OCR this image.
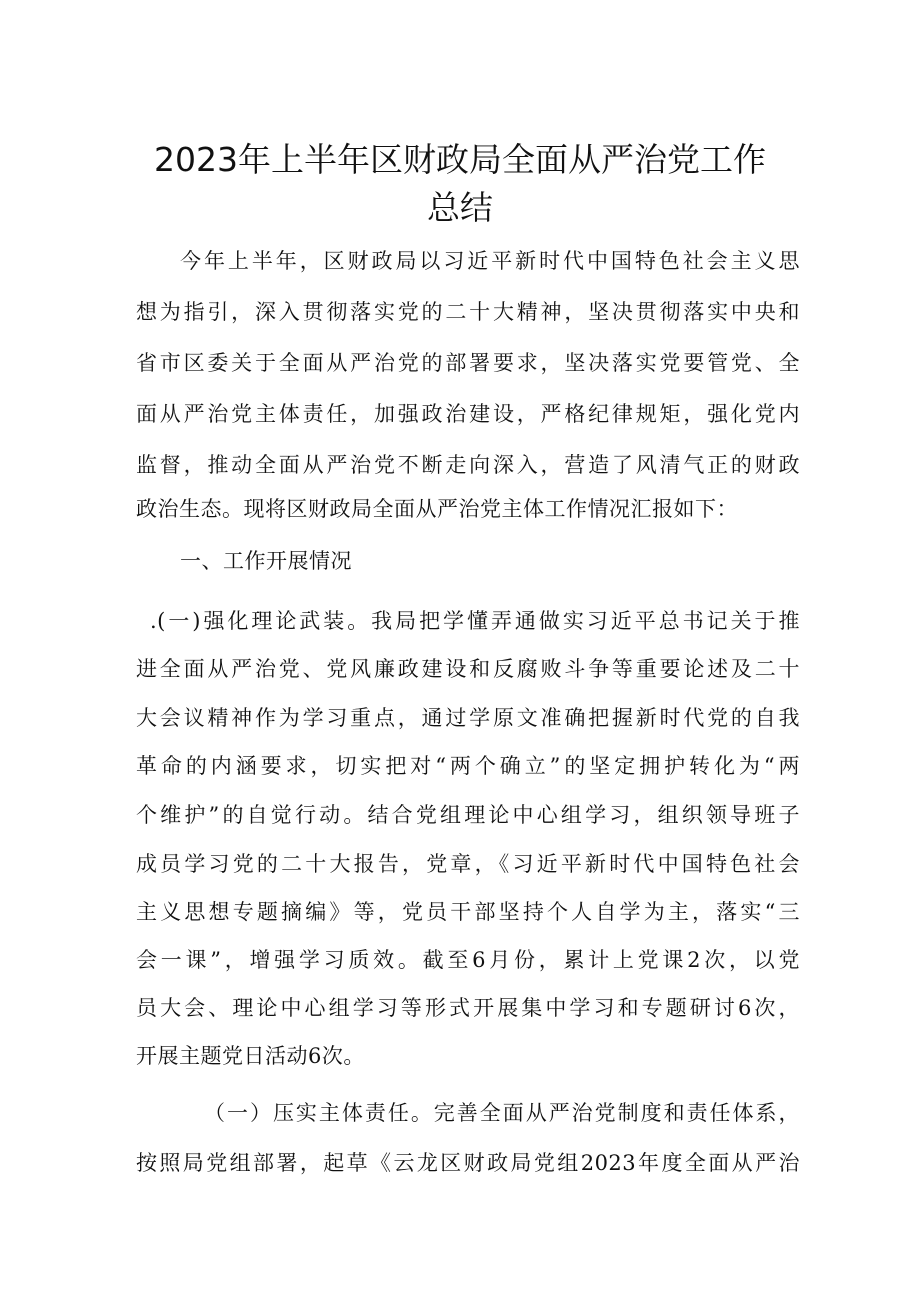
2023年上半年区财政局全面从严治党工作
总结
今年上半年，区财政局以习近平新时代中国特色社会主义思
想为指引，深入贯彻落实党的二十大精神，坚决贯彻落实中央和
省市区委关于全面从严治党的部署要求，坚决落实党要管党、全
面从严治党主体责任，加强政治建设，严格纪律规矩，强化党内
监督，推动全面从严治党不断走向深入，营造了风清气正的财政
政治生态。现将区财政局全面从严治党主体工作情况汇报如下：
一、工作开展情况
.(一)强化理论武装。我局把学懂弄通做实习近平总书记关于推
进全面从严治党、党风廉政建设和反腐败斗争等重要论述及二十
大会议精神作为学习重点，通过学原文准确把握新时代党的自我
革命的内涵要求，切实把对“两个确立”的坚定拥护转化为“两
个维护”的自觉行动。结合党组理论中心组学习，组织领导班子
成员学习党的二十大报告，党章，《习近平新时代中国特色社会
主义思想专题摘编》等，党员干部坚持个人自学为主，落实“三
会一课”，增强学习质效。截至6月份，累计上党课2次，以党
员大会、理论中心组学习等形式开展集中学习和专题研讨6次，
开展主题党日活动6次。
（一）压实主体责任。完善全面从严治党制度和责任体系，
按照局党组部署，起草《云龙区财政局党组2023年度全面从严治
